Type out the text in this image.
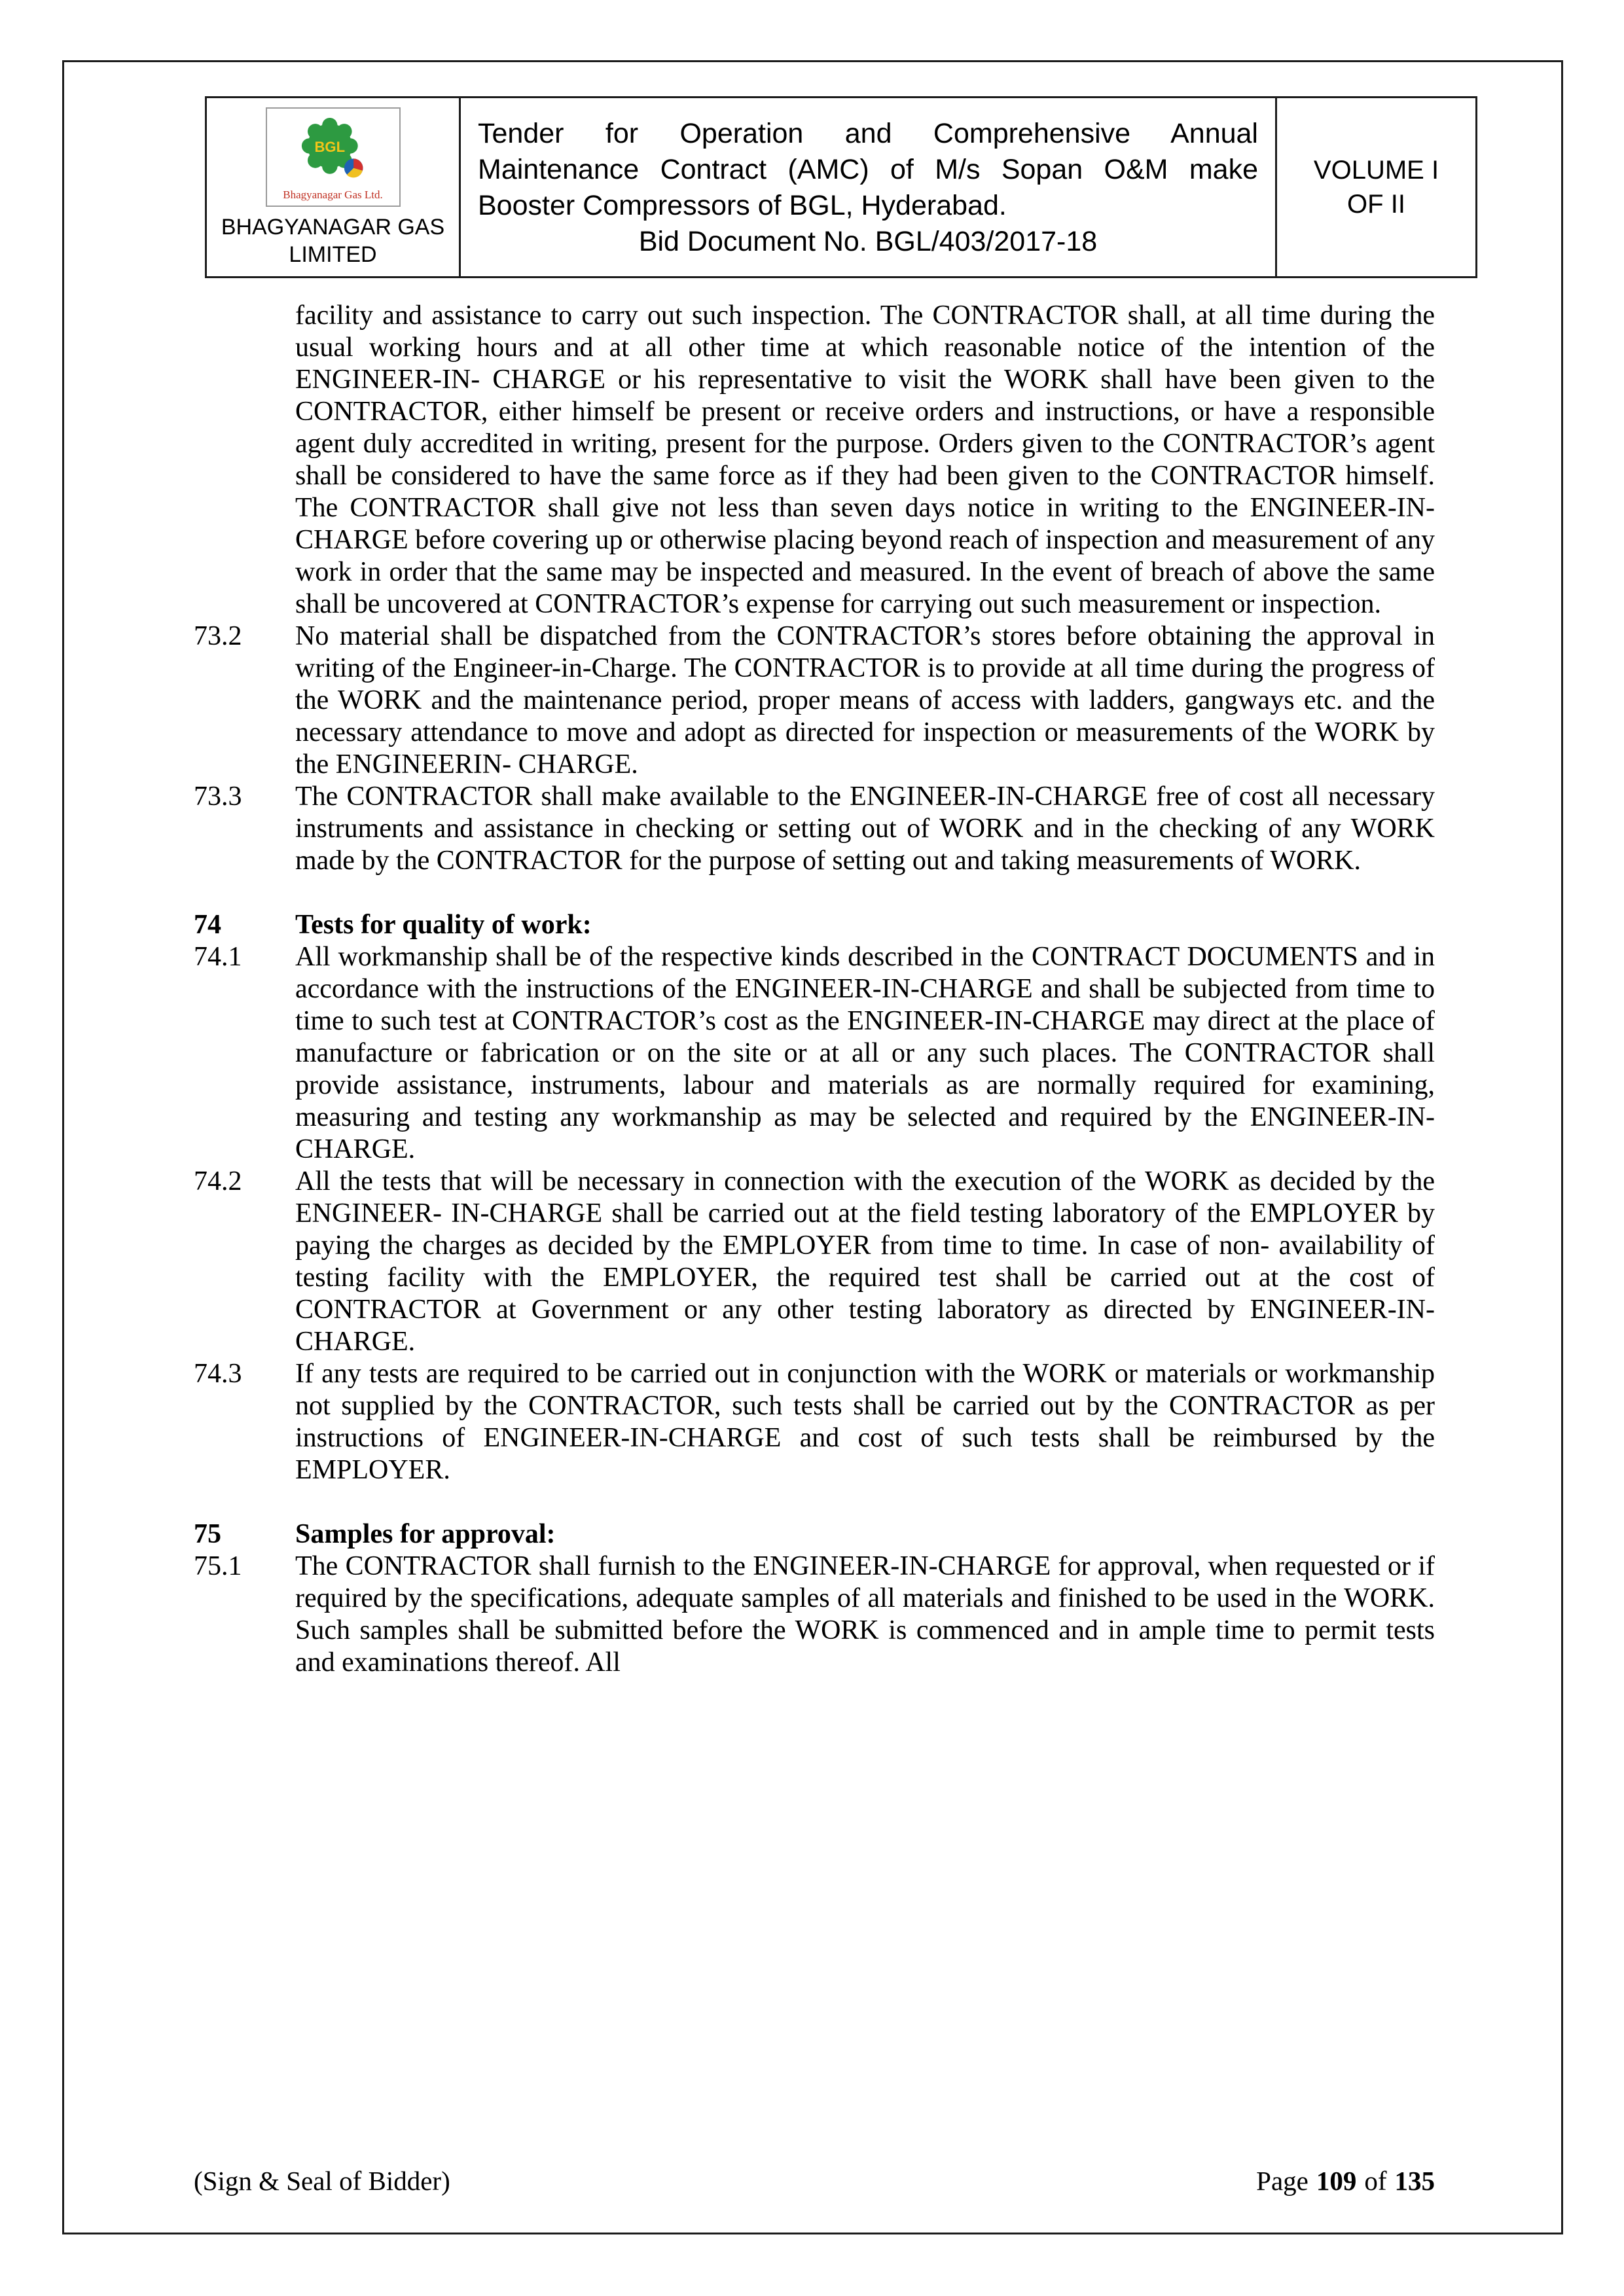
BGL
Bhagyanagar Gas Ltd.
BHAGYANAGAR GAS
LIMITED
Tender for Operation and Comprehensive Annual Maintenance Contract (AMC) of M/s Sopan O&M make Booster Compressors of BGL, Hyderabad.
Bid Document No. BGL/403/2017-18
VOLUME I
OF II
facility and assistance to carry out such inspection. The CONTRACTOR shall, at all time during the usual working hours and at all other time at which reasonable notice of the intention of the ENGINEER-IN- CHARGE or his representative to visit the WORK shall have been given to the CONTRACTOR, either himself be present or receive orders and instructions, or have a responsible agent duly accredited in writing, present for the purpose. Orders given to the CONTRACTOR’s agent shall be considered to have the same force as if they had been given to the CONTRACTOR himself. The CONTRACTOR shall give not less than seven days notice in writing to the ENGINEER-IN-CHARGE before covering up or otherwise placing beyond reach of inspection and measurement of any work in order that the same may be inspected and measured. In the event of breach of above the same shall be uncovered at CONTRACTOR’s expense for carrying out such measurement or inspection.
73.2	No material shall be dispatched from the CONTRACTOR’s stores before obtaining the approval in writing of the Engineer-in-Charge. The CONTRACTOR is to provide at all time during the progress of the WORK and the maintenance period, proper means of access with ladders, gangways etc. and the necessary attendance to move and adopt as directed for inspection or measurements of the WORK by the ENGINEERIN- CHARGE.
73.3	The CONTRACTOR shall make available to the ENGINEER-IN-CHARGE free of cost all necessary instruments and assistance in checking or setting out of WORK and in the checking of any WORK made by the CONTRACTOR for the purpose of setting out and taking measurements of WORK.
74	Tests for quality of work:
74.1	All workmanship shall be of the respective kinds described in the CONTRACT DOCUMENTS and in accordance with the instructions of the ENGINEER-IN-CHARGE and shall be subjected from time to time to such test at CONTRACTOR’s cost as the ENGINEER-IN-CHARGE may direct at the place of manufacture or fabrication or on the site or at all or any such places. The CONTRACTOR shall provide assistance, instruments, labour and materials as are normally required for examining, measuring and testing any workmanship as may be selected and required by the ENGINEER-IN-CHARGE.
74.2	All the tests that will be necessary in connection with the execution of the WORK as decided by the ENGINEER- IN-CHARGE shall be carried out at the field testing laboratory of the EMPLOYER by paying the charges as decided by the EMPLOYER from time to time. In case of non- availability of testing facility with the EMPLOYER, the required test shall be carried out at the cost of CONTRACTOR at Government or any other testing laboratory as directed by ENGINEER-IN-CHARGE.
74.3	If any tests are required to be carried out in conjunction with the WORK or materials or workmanship not supplied by the CONTRACTOR, such tests shall be carried out by the CONTRACTOR as per instructions of ENGINEER-IN-CHARGE and cost of such tests shall be reimbursed by the EMPLOYER.
75	Samples for approval:
75.1	The CONTRACTOR shall furnish to the ENGINEER-IN-CHARGE for approval, when requested or if required by the specifications, adequate samples of all materials and finished to be used in the WORK. Such samples shall be submitted before the WORK is commenced and in ample time to permit tests and examinations thereof. All
(Sign & Seal of Bidder)	Page 109 of 135
